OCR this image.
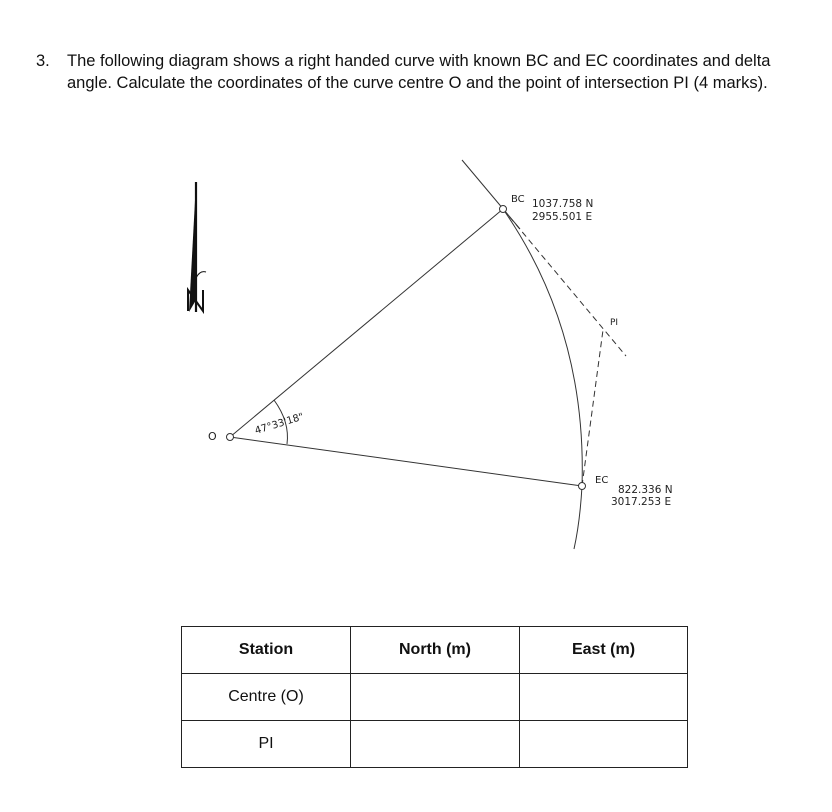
3. The following diagram shows a right handed curve with known BC and EC coordinates and delta angle. Calculate the coordinates of the curve centre O and the point of intersection PI (4 marks).
O	47°33'18"
BC 1037.758 N
2955.501 E
PI
EC
822.336 N
3017.253 E
Station	North (m)	East (m)
Centre (O)		
PI		
